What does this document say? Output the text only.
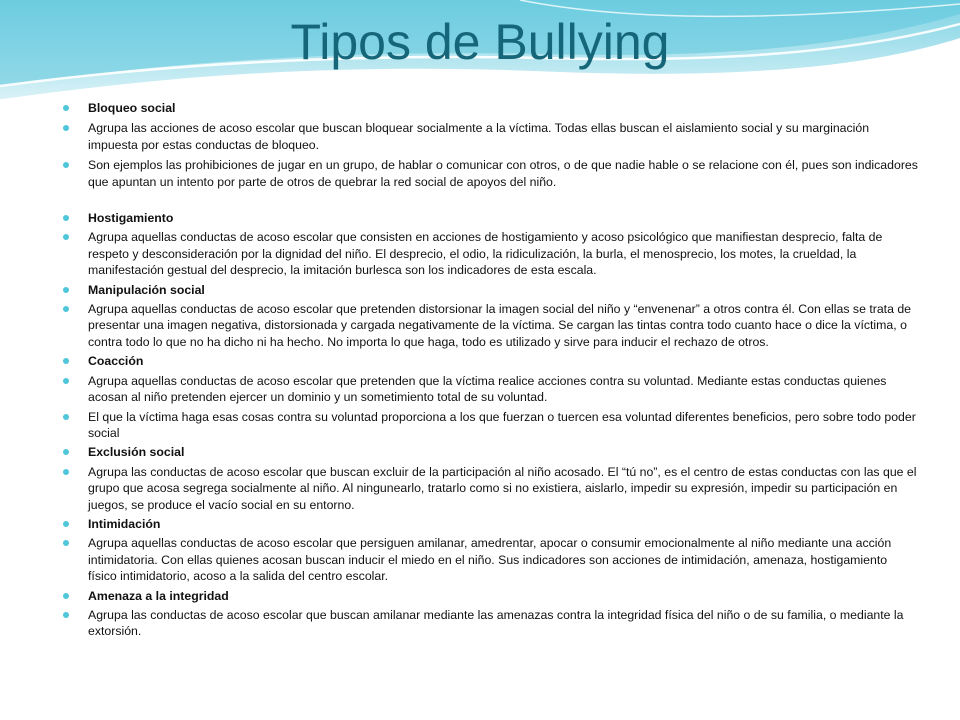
Tipos de Bullying
Bloqueo social
Agrupa las acciones de acoso escolar que buscan bloquear socialmente a la víctima. Todas ellas buscan el aislamiento social y su marginación impuesta por estas conductas de bloqueo.
Son ejemplos las prohibiciones de jugar en un grupo, de hablar o comunicar con otros, o de que nadie hable o se relacione con él, pues son indicadores que apuntan un intento por parte de otros de quebrar la red social de apoyos del niño.
Hostigamiento
Agrupa aquellas conductas de acoso escolar que consisten en acciones de hostigamiento y acoso psicológico que manifiestan desprecio, falta de respeto y desconsideración por la dignidad del niño. El desprecio, el odio, la ridiculización, la burla, el menosprecio, los motes, la crueldad, la manifestación gestual del desprecio, la imitación burlesca son los indicadores de esta escala.
Manipulación social
Agrupa aquellas conductas de acoso escolar que pretenden distorsionar la imagen social del niño y “envenenar” a otros contra él. Con ellas se trata de presentar una imagen negativa, distorsionada y cargada negativamente de la víctima. Se cargan las tintas contra todo cuanto hace o dice la víctima, o contra todo lo que no ha dicho ni ha hecho. No importa lo que haga, todo es utilizado y sirve para inducir el rechazo de otros.
Coacción
Agrupa aquellas conductas de acoso escolar que pretenden que la víctima realice acciones contra su voluntad. Mediante estas conductas quienes acosan al niño pretenden ejercer un dominio y un sometimiento total de su voluntad.
El que la víctima haga esas cosas contra su voluntad proporciona a los que fuerzan o tuercen esa voluntad diferentes beneficios, pero sobre todo poder social
Exclusión social
Agrupa las conductas de acoso escolar que buscan excluir de la participación al niño acosado. El “tú no”, es el centro de estas conductas con las que el grupo que acosa segrega socialmente al niño. Al ningunearlo, tratarlo como si no existiera, aislarlo, impedir su expresión, impedir su participación en juegos, se produce el vacío social en su entorno.
Intimidación
Agrupa aquellas conductas de acoso escolar que persiguen amilanar, amedrentar, apocar o consumir emocionalmente al niño mediante una acción intimidatoria. Con ellas quienes acosan buscan inducir el miedo en el niño. Sus indicadores son acciones de intimidación, amenaza, hostigamiento físico intimidatorio, acoso a la salida del centro escolar.
Amenaza a la integridad
Agrupa las conductas de acoso escolar que buscan amilanar mediante las amenazas contra la integridad física del niño o de su familia, o mediante la extorsión.
